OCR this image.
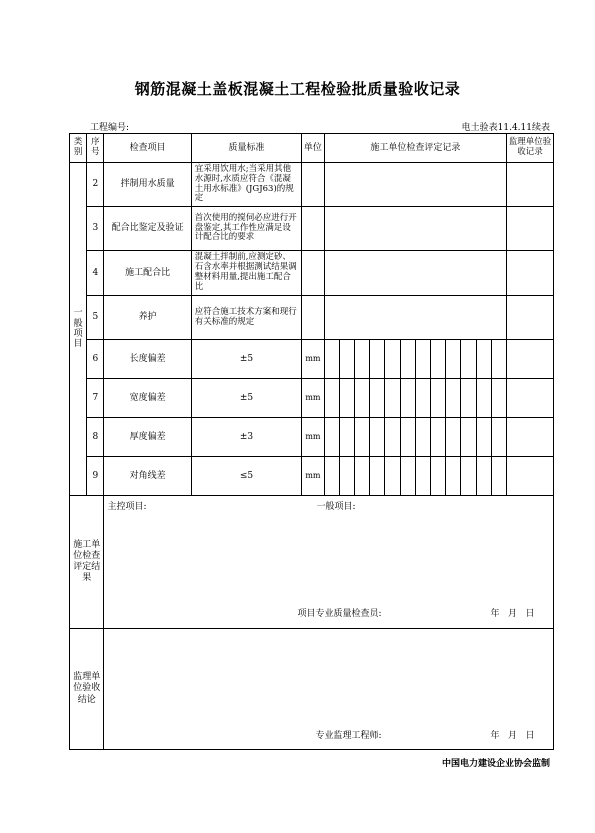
钢筋混凝土盖板混凝土工程检验批质量验收记录
工程编号:	电土验表11.4.11续表
类别	序号	检查项目	质量标准	单位	施工单位检查评定记录												监理单位验收记录
一般项目	2	拌制用水质量	宜采用饮用水;当采用其他水源时,水质应符合《混凝土用水标准》(JGJ63)的规定														
	3	配合比鉴定及验证	首次使用的搅伺必应进行开盘鉴定,其工作性应满足设计配合比的要求														
	4	施工配合比	混凝土拌制前,应测定砂、石含水率并根据测试结果调整材料用量,提出施工配合比														
	5	养护	应符合施工技术方案和现行有关标准的规定														
	6	长度偏差	±5	mm													
	7	宽度偏差	±5	mm													
	8	厚度偏差	±3	mm													
	9	对角线差	≤5	mm													

施工单位检查评定结果		主控项目: 一般项目:
项目专业质量检查员: 年   月   日															

监理单位验收结论		专业监理工程师: 年   月   日															
中国电力建设企业协会监制
